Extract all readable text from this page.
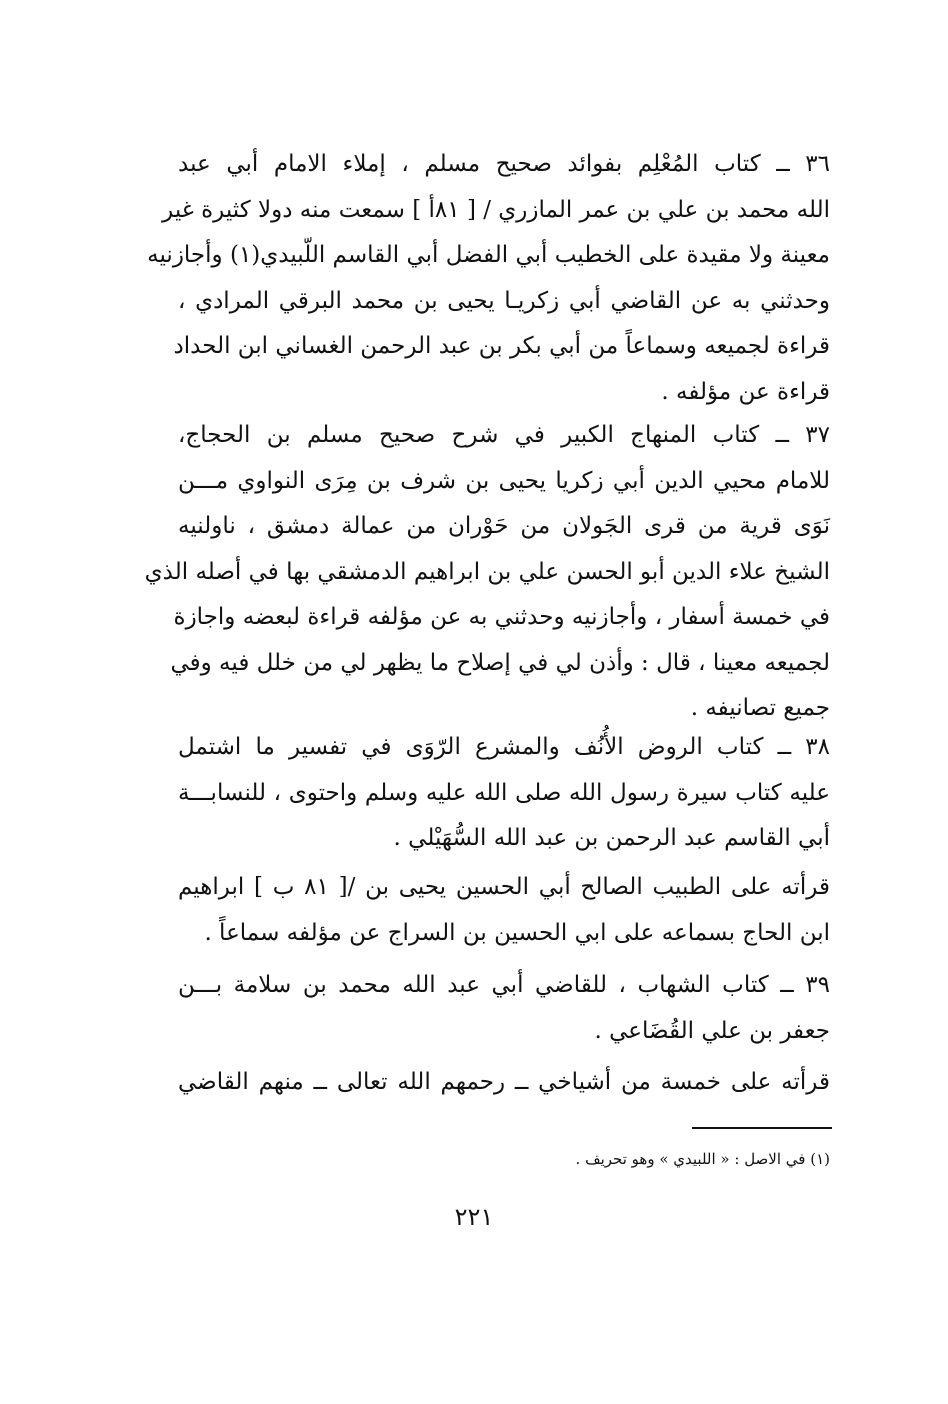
٣٦ ــ كتاب المُعْلِم بفوائد صحيح مسلم ، إملاء الامام أبي عبد
الله محمد بن علي بن عمر المازري / [ ٨١أ ] سمعت منه دولا كثيرة غير
معينة ولا مقيدة على الخطيب أبي الفضل أبي القاسم اللّبيدي(١) وأجازنيه
وحدثني به عن القاضي أبي زكريـا يحيى بن محمد البرقي المرادي ،
قراءة لجميعه وسماعاً من أبي بكر بن عبد الرحمن الغساني ابن الحداد
قراءة عن مؤلفه .
٣٧ ــ كتاب المنهاج الكبير في شرح صحيح مسلم بن الحجاج،
للامام محيي الدين أبي زكريا يحيى بن شرف بن مِرَى النواوي مـــن
نَوَى قرية من قرى الجَولان من حَوْران من عمالة دمشق ، ناولنيه
الشيخ علاء الدين أبو الحسن علي بن ابراهيم الدمشقي بها في أصله الذي
في خمسة أسفار ، وأجازنيه وحدثني به عن مؤلفه قراءة لبعضه واجازة
لجميعه معينا ، قال : وأذن لي في إصلاح ما يظهر لي من خلل فيه وفي
جميع تصانيفه .
٣٨ ــ كتاب الروض الأُنُف والمشرع الرّوَى في تفسير ما اشتمل
عليه كتاب سيرة رسول الله صلى الله عليه وسلم واحتوى ، للنسابـــة
أبي القاسم عبد الرحمن بن عبد الله السُّهَيْلي .
قرأته على الطبيب الصالح أبي الحسين يحيى بن /[ ٨١ ب ] ابراهيم
ابن الحاج بسماعه على ابي الحسين بن السراج عن مؤلفه سماعاً .
٣٩ ــ كتاب الشهاب ، للقاضي أبي عبد الله محمد بن سلامة بـــن
جعفر بن علي القُضَاعي .
قرأته على خمسة من أشياخي ــ رحمهم الله تعالى ــ منهم القاضي
(١) في الاصل : « اللبيدي » وهو تحريف .
٢٢١
